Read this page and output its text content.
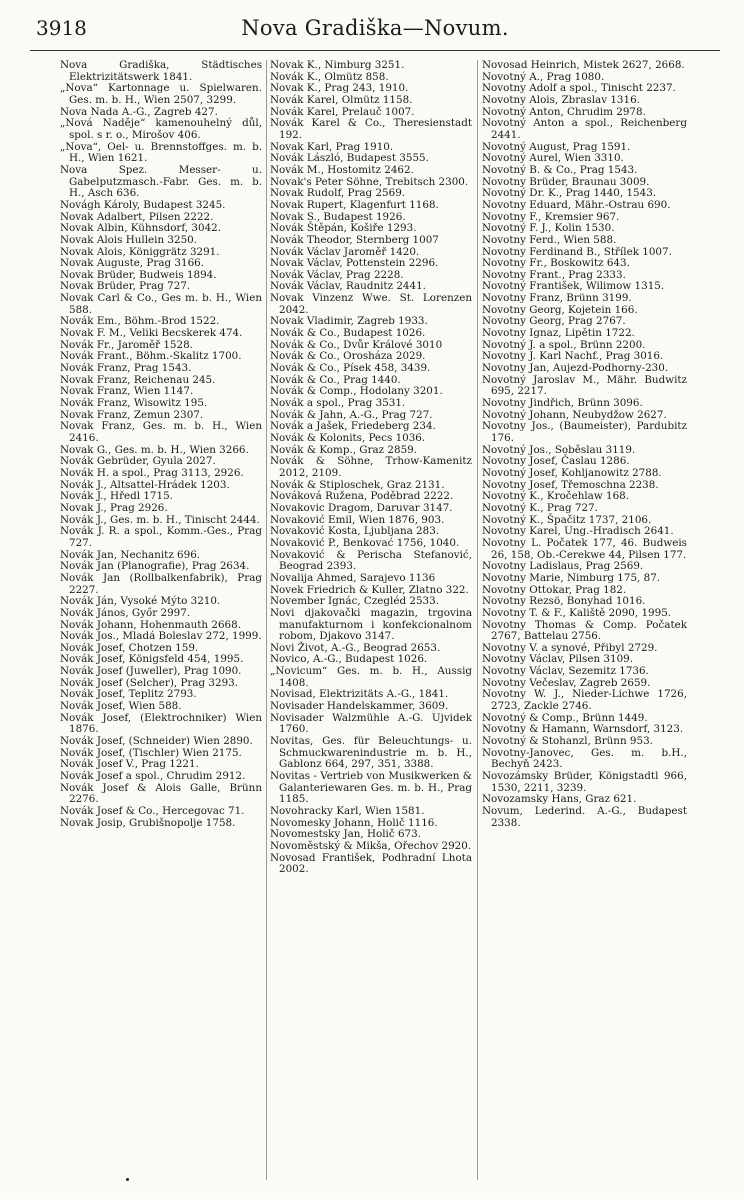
3918	Nova Gradiška—Novum.
Nova Gradiška, Städtisches Elektrizitätswerk 1841.
„Nova“ Kartonnage u. Spielwaren. Ges. m. b. H., Wien 2507, 3299.
Nova Nada A.-G., Zagreb 427.
„Nová Naděje“ kamenouhelný důl, spol. s r. o., Mirošov 406.
„Nova“, Oel- u. Brennstoffges. m. b. H., Wien 1621.
Nova Spez. Messer- u. Gabelputzmasch.-Fabr. Ges. m. b. H., Asch 636.
Novágh Károly, Budapest 3245.
Novak Adalbert, Pilsen 2222.
Novak Albin, Kühnsdorf, 3042.
Novak Alois Hullein 3250.
Novak Alois, Königgrätz 3291.
Novak Auguste, Prag 3166.
Novak Brüder, Budweis 1894.
Novak Brüder, Prag 727.
Novak Carl & Co., Ges m. b. H., Wien 588.
Novák Em., Böhm.-Brod 1522.
Novak F. M., Veliki Becskerek 474.
Novák Fr., Jaroměř 1528.
Novák Frant., Böhm.-Skalitz 1700.
Novák Franz, Prag 1543.
Novak Franz, Reichenau 245.
Novak Franz, Wien 1147.
Novák Franz, Wisowitz 195.
Novak Franz, Zemun 2307.
Novak Franz, Ges. m. b. H., Wien 2416.
Novak G., Ges. m. b. H., Wien 3266.
Novák Gebrüder, Gyula 2027.
Novák H. a spol., Prag 3113, 2926.
Novák J., Altsattel-Hrádek 1203.
Novák J., Hředl 1715.
Novak J., Prag 2926.
Novák J., Ges. m. b. H., Tinischt 2444.
Novák J. R. a spol., Komm.-Ges., Prag 727.
Novák Jan, Nechanitz 696.
Novák Jan (Planografie), Prag 2634.
Novák Jan (Rollbalkenfabrik), Prag 2227.
Novák Ján, Vysoké Mýto 3210.
Novák János, Győr 2997.
Novák Johann, Hohenmauth 2668.
Novák Jos., Mladá Boleslav 272, 1999.
Novák Josef, Chotzen 159.
Novák Josef, Königsfeld 454, 1995.
Novák Josef (Juweller), Prag 1090.
Novák Josef (Selcher), Prag 3293.
Novák Josef, Teplitz 2793.
Novák Josef, Wien 588.
Novák Josef, (Elektrochniker) Wien 1876.
Novák Josef, (Schneider) Wien 2890.
Novák Josef, (Tischler) Wien 2175.
Novák Josef V., Prag 1221.
Novák Josef a spol., Chrudim 2912.
Novák Josef & Alois Galle, Brünn 2276.
Novák Josef & Co., Hercegovac 71.
Novak Josip, Grubišnopolje 1758.
Novak K., Nimburg 3251.
Novák K., Olmütz 858.
Novak K., Prag 243, 1910.
Novák Karel, Olmütz 1158.
Novák Karel, Prelauč 1007.
Novák Karel & Co., Theresienstadt 192.
Novak Karl, Prag 1910.
Novák László, Budapest 3555.
Novák M., Hostomitz 2462.
Novak's Peter Söhne, Trebitsch 2300.
Novak Rudolf, Prag 2569.
Novak Rupert, Klagenfurt 1168.
Novak S., Budapest 1926.
Novák Štěpán, Košiře 1293.
Novák Theodor, Sternberg 1007
Novák Václav Jaroměř 1420.
Novak Václav, Pottenstein 2296.
Novák Václav, Prag 2228.
Novák Václav, Raudnitz 2441.
Novak Vinzenz Wwe. St. Lorenzen 2042.
Novak Vladimir, Zagreb 1933.
Novák & Co., Budapest 1026.
Novák & Co., Dvůr Králové 3010
Novák & Co., Orosháza 2029.
Novák & Co., Písek 458, 3439.
Novák & Co., Prag 1440.
Novák & Comp., Hodolany 3201.
Novák a spol., Prag 3531.
Novák & Jahn, A.-G., Prag 727.
Novák a Jašek, Friedeberg 234.
Novák & Kolonits, Pecs 1036.
Novák & Komp., Graz 2859.
Novák & Söhne, Trhow-Kamenitz 2012, 2109.
Novák & Stiploschek, Graz 2131.
Nováková Ruženа, Poděbrad 2222.
Novakovic Dragom, Daruvar 3147.
Novaković Emil, Wien 1876, 903.
Novaković Kosta, Ljubljana 283.
Novaković P., Benkovać 1756, 1040.
Novaković & Perischa Stefanović, Beograd 2393.
Novalija Ahmed, Sarajevo 1136
Novek Friedrich & Kuller, Zlatno 322.
November Ignác, Czegléd 2533.
Novi djakovački magazin, trgovina manufakturnom i konfekcionalnom robom, Djakovo 3147.
Novi Život, A.-G., Beograd 2653.
Novico, A.-G., Budapest 1026.
„Novicum“ Ges. m. b. H., Aussig 1408.
Novisad, Elektrizitäts A.-G., 1841.
Novisader Handelskammer, 3609.
Novisader Walzmühle A.-G. Ujvidek 1760.
Novitas, Ges. für Beleuchtungs- u. Schmuckwarenindustrie m. b. H., Gablonz 664, 297, 351, 3388.
Novitas - Vertrieb von Musikwerken & Galanteriewaren Ges. m. b. H., Prag 1185.
Novohracky Karl, Wien 1581.
Novomesky Johann, Holič 1116.
Novomestsky Jan, Holič 673.
Novoměstský & Mikša, Ořechov 2920.
Novosad František, Podhradní Lhota 2002.
Novosad Heinrich, Mistek 2627, 2668.
Novotný A., Prag 1080.
Novotny Adolf a spol., Tinischt 2237.
Novotny Alois, Zbraslav 1316.
Novotný Anton, Chrudim 2978.
Novotný Anton a spol., Reichenberg 2441.
Novotný August, Prag 1591.
Novotný Aurel, Wien 3310.
Novotný B. & Co., Prag 1543.
Novotny Brüder, Braunau 3009.
Novotný Dr. K., Prag 1440, 1543.
Novotny Eduard, Mähr.-Ostrau 690.
Novotny F., Kremsier 967.
Novotný F. J., Kolin 1530.
Novotny Ferd., Wien 588.
Novotny Ferdinand B., Střílek 1007.
Novotny Fr., Boskowitz 643.
Novotny Frant., Prag 2333.
Novotný František, Wilimow 1315.
Novotny Franz, Brünn 3199.
Novotny Georg, Kojetein 166.
Novotny Georg, Prag 2767.
Novotny Ignaz, Lipětin 1722.
Novotný J. a spol., Brünn 2200.
Novotny J. Karl Nachf., Prag 3016.
Novotny Jan, Aujezd-Podhorny-230.
Novotný Jaroslav M., Mähr. Budwitz 695, 2217.
Novotny Jindřich, Brünn 3096.
Novotný Johann, Neubydžow 2627.
Novotny Jos., (Baumeister), Pardubitz 176.
Novotný Jos., Soběslau 3119.
Novotny Josef, Časlau 1286.
Novotný Josef, Kohljanowitz 2788.
Novotny Josef, Třemoschna 2238.
Novotný K., Kročehlaw 168.
Novotný K., Prag 727.
Novotný K., Špačitz 1737, 2106.
Novotny Karel, Ung.-Hradisch 2641.
Novotny L. Počatek 177, 46. Budweis 26, 158, Ob.-Cerekwe 44, Pilsen 177.
Novotny Ladislaus, Prag 2569.
Novotny Marie, Nimburg 175, 87.
Novotny Ottokar, Prag 182.
Novotny Rezsö, Bonyhad 1016.
Novotny T. & F., Kaliště 2090, 1995.
Novotny Thomas & Comp. Počatek 2767, Battelau 2756.
Novotny V. a synové, Přibyl 2729.
Novotny Václav, Pilsen 3109.
Novotny Václav, Sezemitz 1736.
Novotny Večeslav, Zagreb 2659.
Novotny W. J., Nieder-Lichwe 1726, 2723, Zackle 2746.
Novotný & Comp., Brünn 1449.
Novotny & Hamann, Warnsdorf, 3123.
Novotný & Stohanzl, Brünn 953.
Novotny-Janovec, Ges. m. b.H., Bechyň 2423.
Novozámsky Brüder, Königstadtl 966, 1530, 2211, 3239.
Novozamsky Hans, Graz 621.
Novum, Lederind. A.-G., Budapest 2338.
